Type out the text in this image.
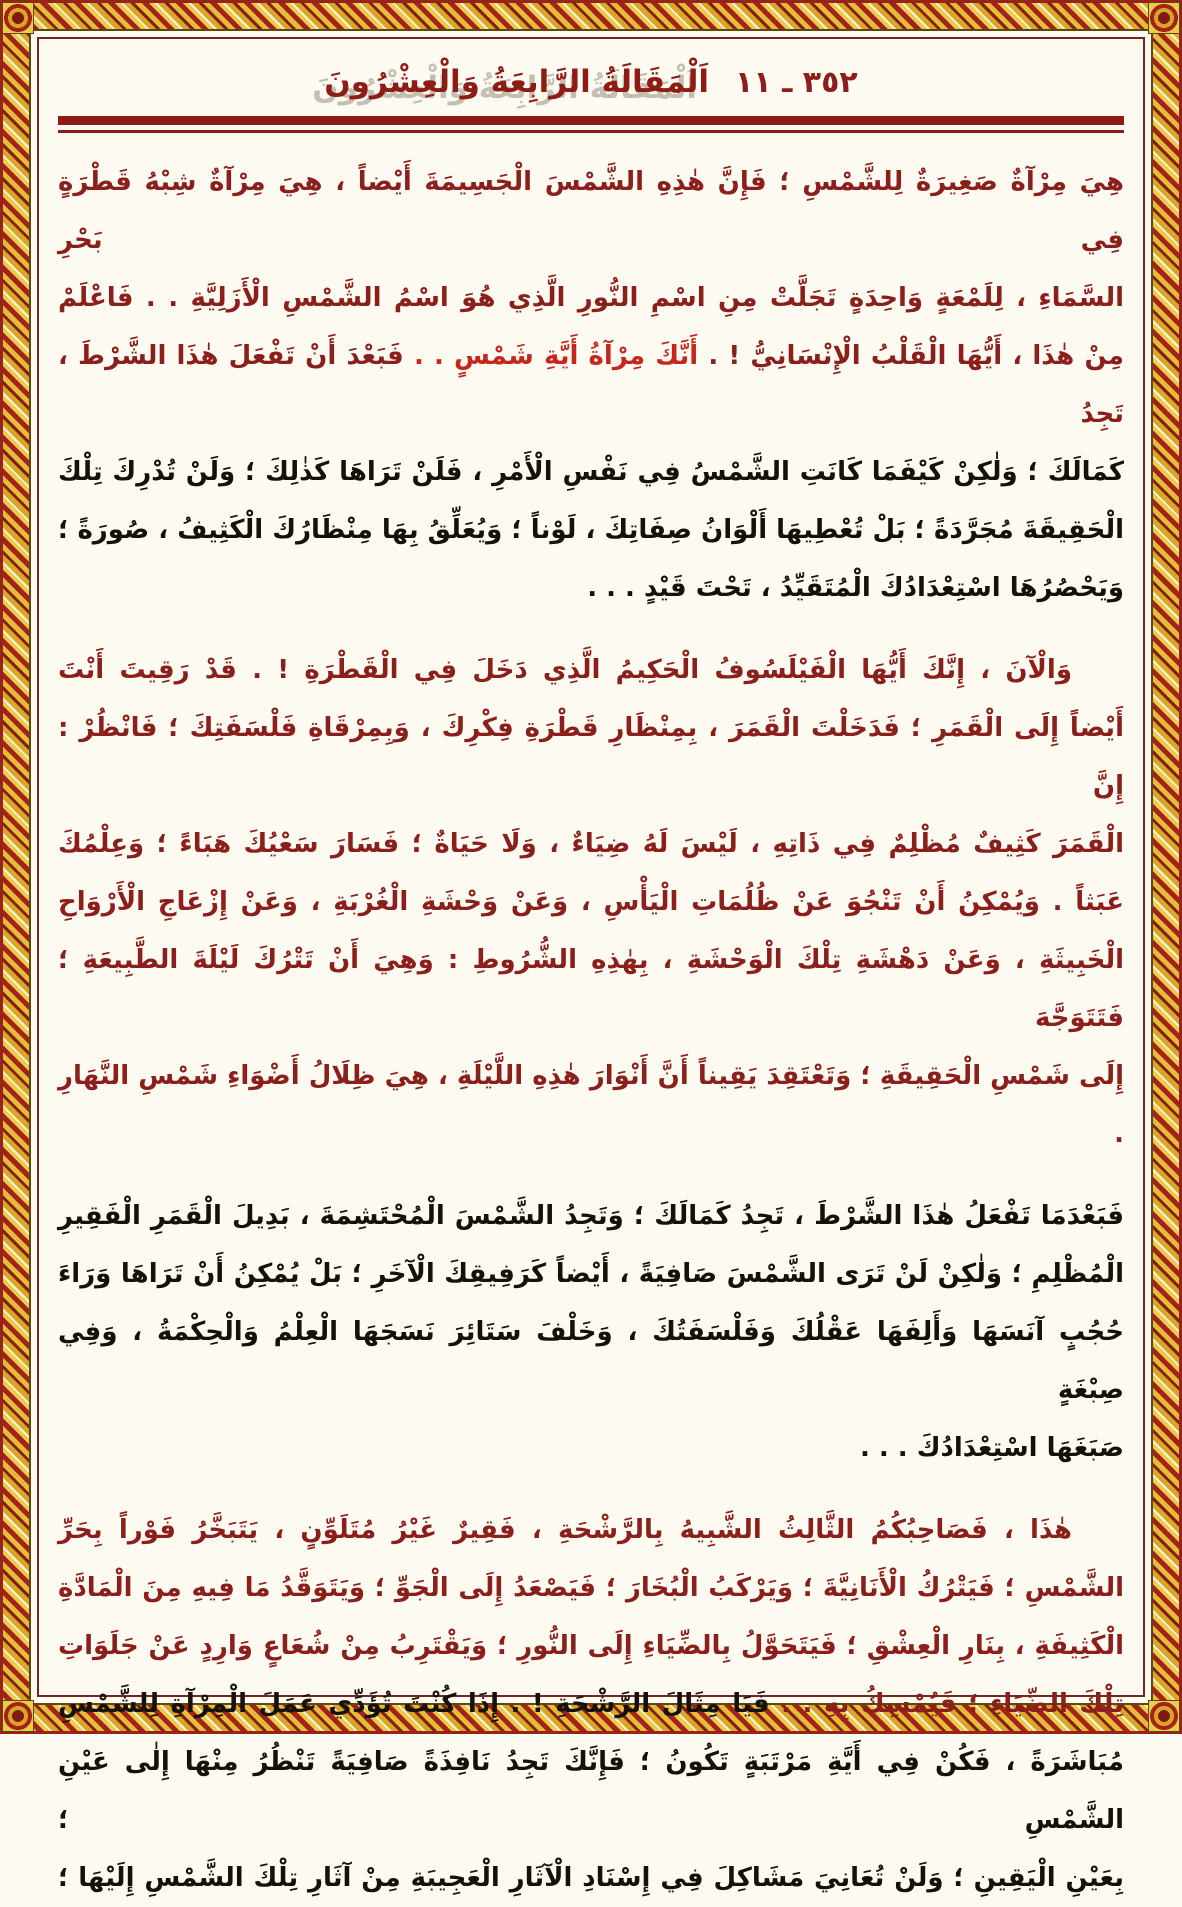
٣٥٢ ـ ١١
اَلْمَقَالَةُ الرَّابِعَةُ وَالْعِشْرُونَ
هِيَ مِرْآةٌ صَغِيرَةٌ لِلشَّمْسِ ؛ فَإِنَّ هٰذِهِ الشَّمْسَ الْجَسِيمَةَ أَيْضاً ، هِيَ مِرْآةٌ شِبْهُ قَطْرَةٍ فِي بَحْرِ
السَّمَاءِ ، لِلَمْعَةٍ وَاحِدَةٍ تَجَلَّتْ مِنِ اسْمِ النُّورِ الَّذِي هُوَ اسْمُ الشَّمْسِ الْأَزَلِيَّةِ . . فَاعْلَمْ
مِنْ هٰذَا ، أَيُّهَا الْقَلْبُ الْإِنْسَانِيُّ ! . أَنَّكَ مِرْآةُ أَيَّةِ شَمْسٍ . . فَبَعْدَ أَنْ تَفْعَلَ هٰذَا الشَّرْطَ ، تَجِدُ
كَمَالَكَ ؛ وَلٰكِنْ كَيْفَمَا كَانَتِ الشَّمْسُ فِي نَفْسِ الْأَمْرِ ، فَلَنْ تَرَاهَا كَذٰلِكَ ؛ وَلَنْ تُدْرِكَ تِلْكَ
الْحَقِيقَةَ مُجَرَّدَةً ؛ بَلْ تُعْطِيهَا أَلْوَانُ صِفَاتِكَ ، لَوْناً ؛ وَيُعَلِّقُ بِهَا مِنْظَارُكَ الْكَثِيفُ ، صُورَةً ؛
وَيَحْصُرُهَا اسْتِعْدَادُكَ الْمُتَقَيِّدُ ، تَحْتَ قَيْدٍ . . .
وَالْآنَ ، إِنَّكَ أَيُّهَا الْفَيْلَسُوفُ الْحَكِيمُ الَّذِي دَخَلَ فِي الْقَطْرَةِ ! . قَدْ رَقِيتَ أَنْتَ
أَيْضاً إِلَى الْقَمَرِ ؛ فَدَخَلْتَ الْقَمَرَ ، بِمِنْظَارِ قَطْرَةِ فِكْرِكَ ، وَبِمِرْقَاةِ فَلْسَفَتِكَ ؛ فَانْظُرْ : إِنَّ
الْقَمَرَ كَثِيفٌ مُظْلِمٌ فِي ذَاتِهِ ، لَيْسَ لَهُ ضِيَاءٌ ، وَلَا حَيَاةٌ ؛ فَسَارَ سَعْيُكَ هَبَاءً ؛ وَعِلْمُكَ
عَبَثاً . وَيُمْكِنُ أَنْ تَنْجُوَ عَنْ ظُلُمَاتِ الْيَأْسِ ، وَعَنْ وَحْشَةِ الْغُرْبَةِ ، وَعَنْ إِزْعَاجِ الْأَرْوَاحِ
الْخَبِيثَةِ ، وَعَنْ دَهْشَةِ تِلْكَ الْوَحْشَةِ ، بِهٰذِهِ الشُّرُوطِ : وَهِيَ أَنْ تَتْرُكَ لَيْلَةَ الطَّبِيعَةِ ؛ فَتَتَوَجَّهَ
إِلَى شَمْسِ الْحَقِيقَةِ ؛ وَتَعْتَقِدَ يَقِيناً أَنَّ أَنْوَارَ هٰذِهِ اللَّيْلَةِ ، هِيَ ظِلَالُ أَضْوَاءِ شَمْسِ النَّهَارِ .
فَبَعْدَمَا تَفْعَلُ هٰذَا الشَّرْطَ ، تَجِدُ كَمَالَكَ ؛ وَتَجِدُ الشَّمْسَ الْمُحْتَشِمَةَ ، بَدِيلَ الْقَمَرِ الْفَقِيرِ
الْمُظْلِمِ ؛ وَلٰكِنْ لَنْ تَرَى الشَّمْسَ صَافِيَةً ، أَيْضاً كَرَفِيقِكَ الْآخَرِ ؛ بَلْ يُمْكِنُ أَنْ تَرَاهَا وَرَاءَ
حُجُبٍ آنَسَهَا وَأَلِفَهَا عَقْلُكَ وَفَلْسَفَتُكَ ، وَخَلْفَ سَتَائِرَ نَسَجَهَا الْعِلْمُ وَالْحِكْمَةُ ، وَفِي صِبْغَةٍ
صَبَغَهَا اسْتِعْدَادُكَ . . .
هٰذَا ، فَصَاحِبُكُمُ الثَّالِثُ الشَّبِيهُ بِالرَّشْحَةِ ، فَقِيرٌ غَيْرُ مُتَلَوِّنٍ ، يَتَبَخَّرُ فَوْراً بِحَرِّ
الشَّمْسِ ؛ فَيَتْرُكُ الْأَنَانِيَّةَ ؛ وَيَرْكَبُ الْبُخَارَ ؛ فَيَصْعَدُ إِلَى الْجَوِّ ؛ وَيَتَوَقَّدُ مَا فِيهِ مِنَ الْمَادَّةِ
الْكَثِيفَةِ ، بِنَارِ الْعِشْقِ ؛ فَيَتَحَوَّلُ بِالضِّيَاءِ إِلَى النُّورِ ؛ وَيَقْتَرِبُ مِنْ شُعَاعٍ وَارِدٍ عَنْ جَلَوَاتِ
تِلْكَ الضِّيَاءِ ؛ فَيُمْسِكُ بِهِ . . فَيَا مِثَالَ الرَّشْحَةِ ! . إِذَا كُنْتَ تُؤَدِّي عَمَلَ الْمِرْآةِ لِلشَّمْسِ
مُبَاشَرَةً ، فَكُنْ فِي أَيَّةِ مَرْتَبَةٍ تَكُونُ ؛ فَإِنَّكَ تَجِدُ نَافِذَةً صَافِيَةً تَنْظُرُ مِنْهَا إِلٰى عَيْنِ الشَّمْسِ ؛
بِعَيْنِ الْيَقِينِ ؛ وَلَنْ تُعَانِيَ مَشَاكِلَ فِي إِسْنَادِ الْآثَارِ الْعَجِيبَةِ مِنْ آثَارِ تِلْكَ الشَّمْسِ إِلَيْهَا ؛
